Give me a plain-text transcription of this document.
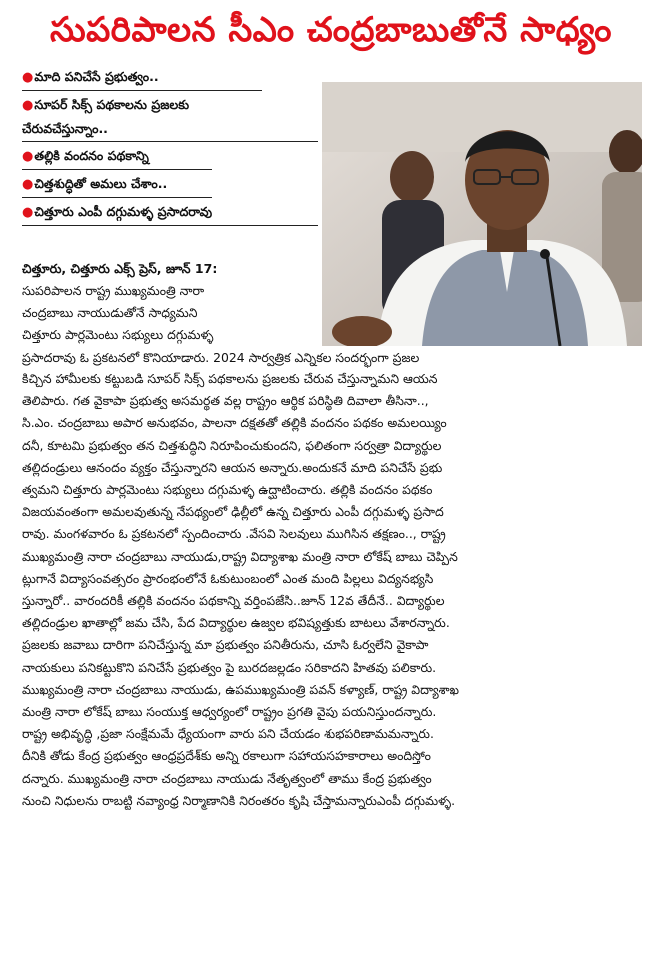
సుపరిపాలన సీఎం చంద్రబాబుతోనే సాధ్యం
●మాది పనిచేసే ప్రభుత్వం..
●సూపర్ సిక్స్ పథకాలను ప్రజలకు
చేరువచేస్తున్నాం..
●తల్లికి వందనం పథకాన్ని
●చిత్తశుద్ధితో అమలు చేశాం..
●చిత్తూరు ఎంపీ దగ్గుమళ్ళ ప్రసాదరావు
చిత్తూరు, చిత్తూరు ఎక్స్ ప్రెస్, జూన్ 17:
సుపరిపాలన రాష్ట్ర ముఖ్యమంత్రి నారా
చంద్రబాబు నాయుడుతోనే సాధ్యమని
చిత్తూరు పార్లమెంటు సభ్యులు దగ్గుమళ్ళ
ప్రసాదరావు ఓ ప్రకటనలో కొనియాడారు. 2024 సార్వత్రిక ఎన్నికల సందర్భంగా ప్రజల
కిచ్చిన హామీలకు కట్టుబడి సూపర్ సిక్స్ పథకాలను ప్రజలకు చేరువ చేస్తున్నామని ఆయన
తెలిపారు. గత వైకాపా ప్రభుత్వ అసమర్థత వల్ల రాష్ట్రం ఆర్థిక పరిస్థితి దివాలా తీసినా..,
సి.ఎం. చంద్రబాబు అపార అనుభవం, పాలనా దక్షతతో తల్లికి వందనం పథకం అమలయ్యిం
దనీ, కూటమి ప్రభుత్వం తన చిత్తశుద్ధిని నిరూపించుకుందని, ఫలితంగా సర్వత్రా విద్యార్థుల
తల్లిదండ్రులు ఆనందం వ్యక్తం చేస్తున్నారని ఆయన అన్నారు.అందుకనే మాది పనిచేసే ప్రభు
త్వమని చిత్తూరు పార్లమెంటు సభ్యులు దగ్గుమళ్ళ ఉద్ఘాటించారు. తల్లికి వందనం పథకం
విజయవంతంగా అమలవుతున్న నేపథ్యంలో ఢిల్లీలో ఉన్న చిత్తూరు ఎంపీ దగ్గుమళ్ళ ప్రసాద
రావు. మంగళవారం ఓ ప్రకటనలో స్పందించారు .వేసవి సెలవులు ముగిసిన తక్షణం.., రాష్ట్ర
ముఖ్యమంత్రి నారా చంద్రబాబు నాయుడు,రాష్ట్ర విద్యాశాఖ మంత్రి నారా లోకేష్ బాబు చెప్పిన
ట్లుగానే విద్యాసంవత్సరం ప్రారంభంలోనే ఓకుటుంబంలో ఎంత మంది పిల్లలు విద్యనభ్యసి
స్తున్నారో.. వారందరికీ తల్లికి వందనం పథకాన్ని వర్తింపజేసి..జూన్ 12వ తేదీనే.. విద్యార్థుల
తల్లిదండ్రుల ఖాతాల్లో జమ చేసి, పేద విద్యార్థుల ఉజ్వల భవిష్యత్తుకు బాటలు వేశారన్నారు.
ప్రజలకు జవాబు దారిగా పనిచేస్తున్న మా ప్రభుత్వం పనితీరును, చూసి ఓర్వలేని వైకాపా
నాయకులు పనికట్టుకొని పనిచేసే ప్రభుత్వం పై బురదజల్లడం సరికాదని హితవు పలికారు.
ముఖ్యమంత్రి నారా చంద్రబాబు నాయుడు, ఉపముఖ్యమంత్రి పవన్ కళ్యాణ్, రాష్ట్ర విద్యాశాఖ
మంత్రి నారా లోకేష్ బాబు సంయుక్త ఆధ్వర్యంలో రాష్ట్రం ప్రగతి వైపు పయనిస్తుందన్నారు.
రాష్ట్ర అభివృద్ధి ,ప్రజా సంక్షేమమే ధ్యేయంగా వారు పని చేయడం శుభపరిణామమన్నారు.
దీనికి తోడు కేంద్ర ప్రభుత్వం ఆంధ్రప్రదేశ్‌కు అన్ని రకాలుగా సహాయసహకారాలు అందిస్తోం
దన్నారు. ముఖ్యమంత్రి నారా చంద్రబాబు నాయుడు నేతృత్వంలో తాము కేంద్ర ప్రభుత్వం
నుంచి నిధులను రాబట్టి నవ్యాంధ్ర నిర్మాణానికి నిరంతరం కృషి చేస్తామన్నారుఎంపీ దగ్గుమళ్ళ.
